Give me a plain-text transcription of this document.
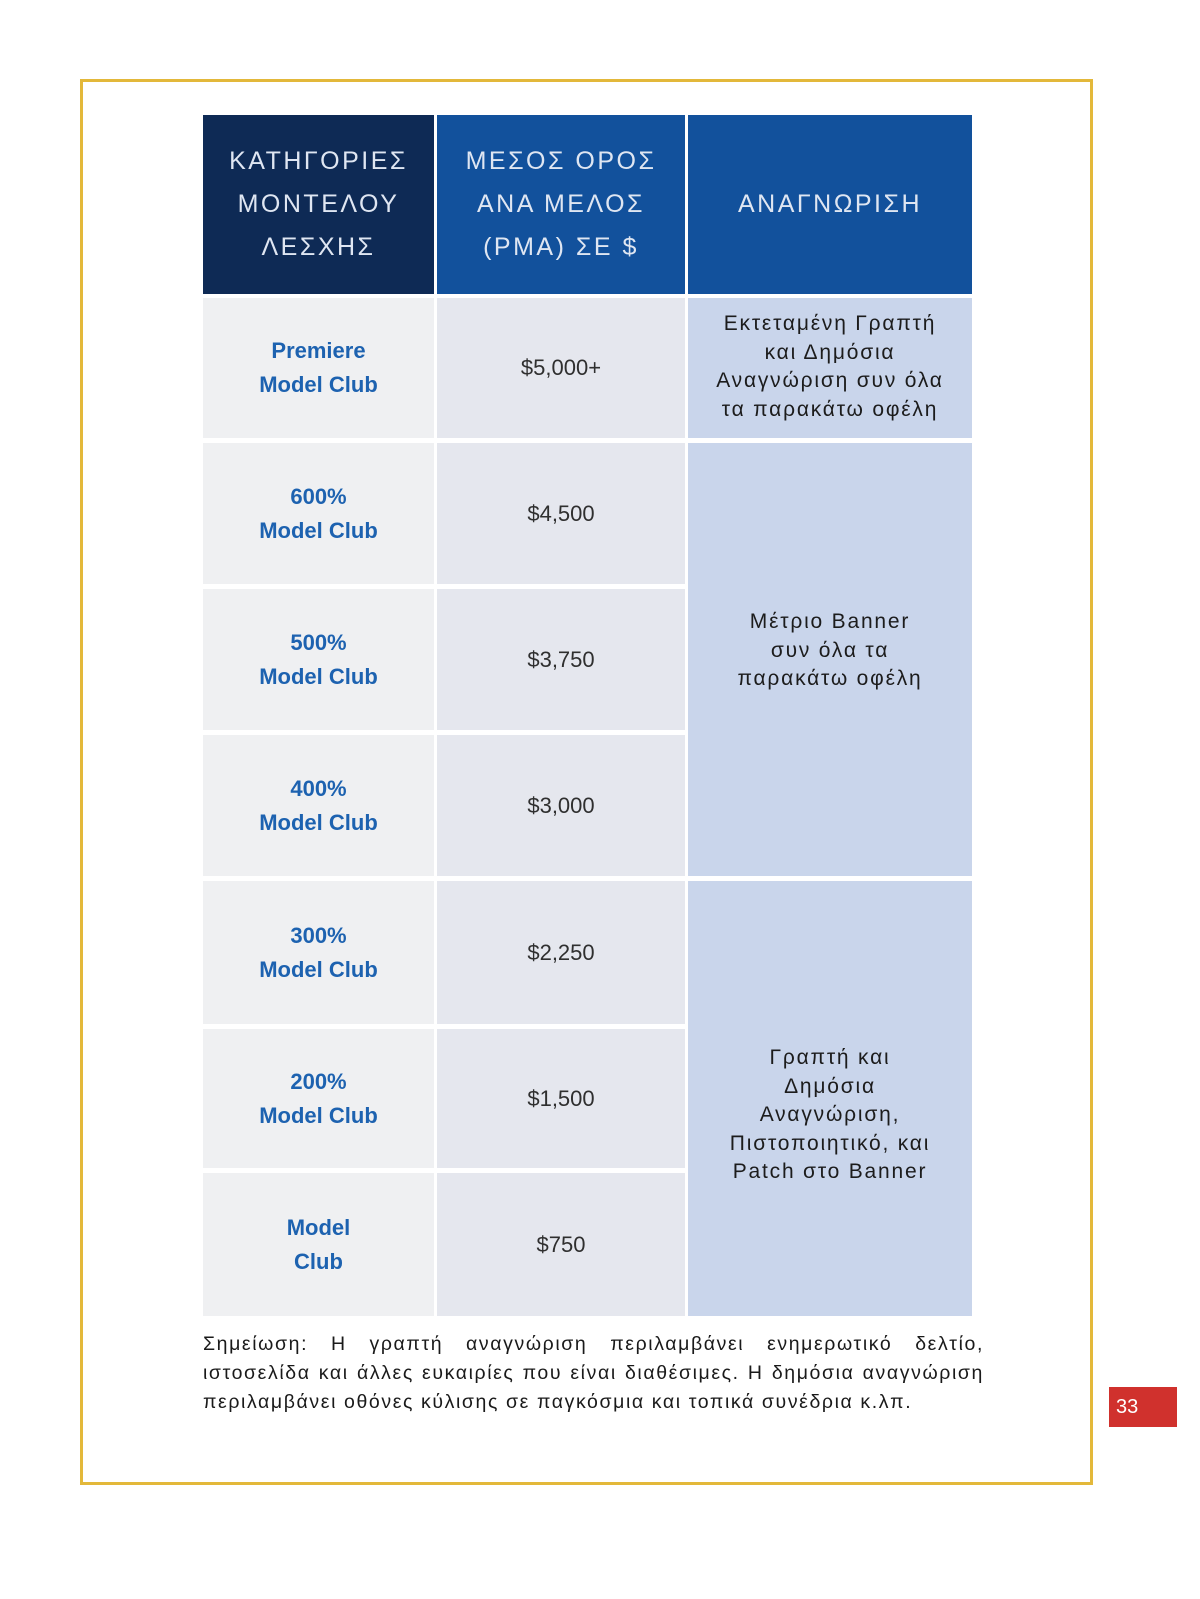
ΚΑΤΗΓΟΡΙΕΣ
ΜΟΝΤΕΛΟΥ
ΛΕΣΧΗΣ
ΜΕΣΟΣ ΟΡΟΣ
ΑΝΑ ΜΕΛΟΣ
(PMA) ΣΕ $
ΑΝΑΓΝΩΡΙΣΗ
Premiere
Model Club
$5,000+
600%
Model Club
$4,500
500%
Model Club
$3,750
400%
Model Club
$3,000
300%
Model Club
$2,250
200%
Model Club
$1,500
Model
Club
$750
Εκτεταμένη Γραπτή
και Δημόσια
Αναγνώριση συν όλα
τα παρακάτω οφέλη
Μέτριο Banner
συν όλα τα
παρακάτω οφέλη
Γραπτή και
Δημόσια
Αναγνώριση,
Πιστοποιητικό, και
Patch στο Banner
Σημείωση: Η γραπτή αναγνώριση περιλαμβάνει ενημερωτικό δελτίο, ιστοσελίδα και άλλες ευκαιρίες που είναι διαθέσιμες. Η δημόσια αναγνώριση περιλαμβάνει οθόνες κύλισης σε παγκόσμια και τοπικά συνέδρια κ.λπ.	33
